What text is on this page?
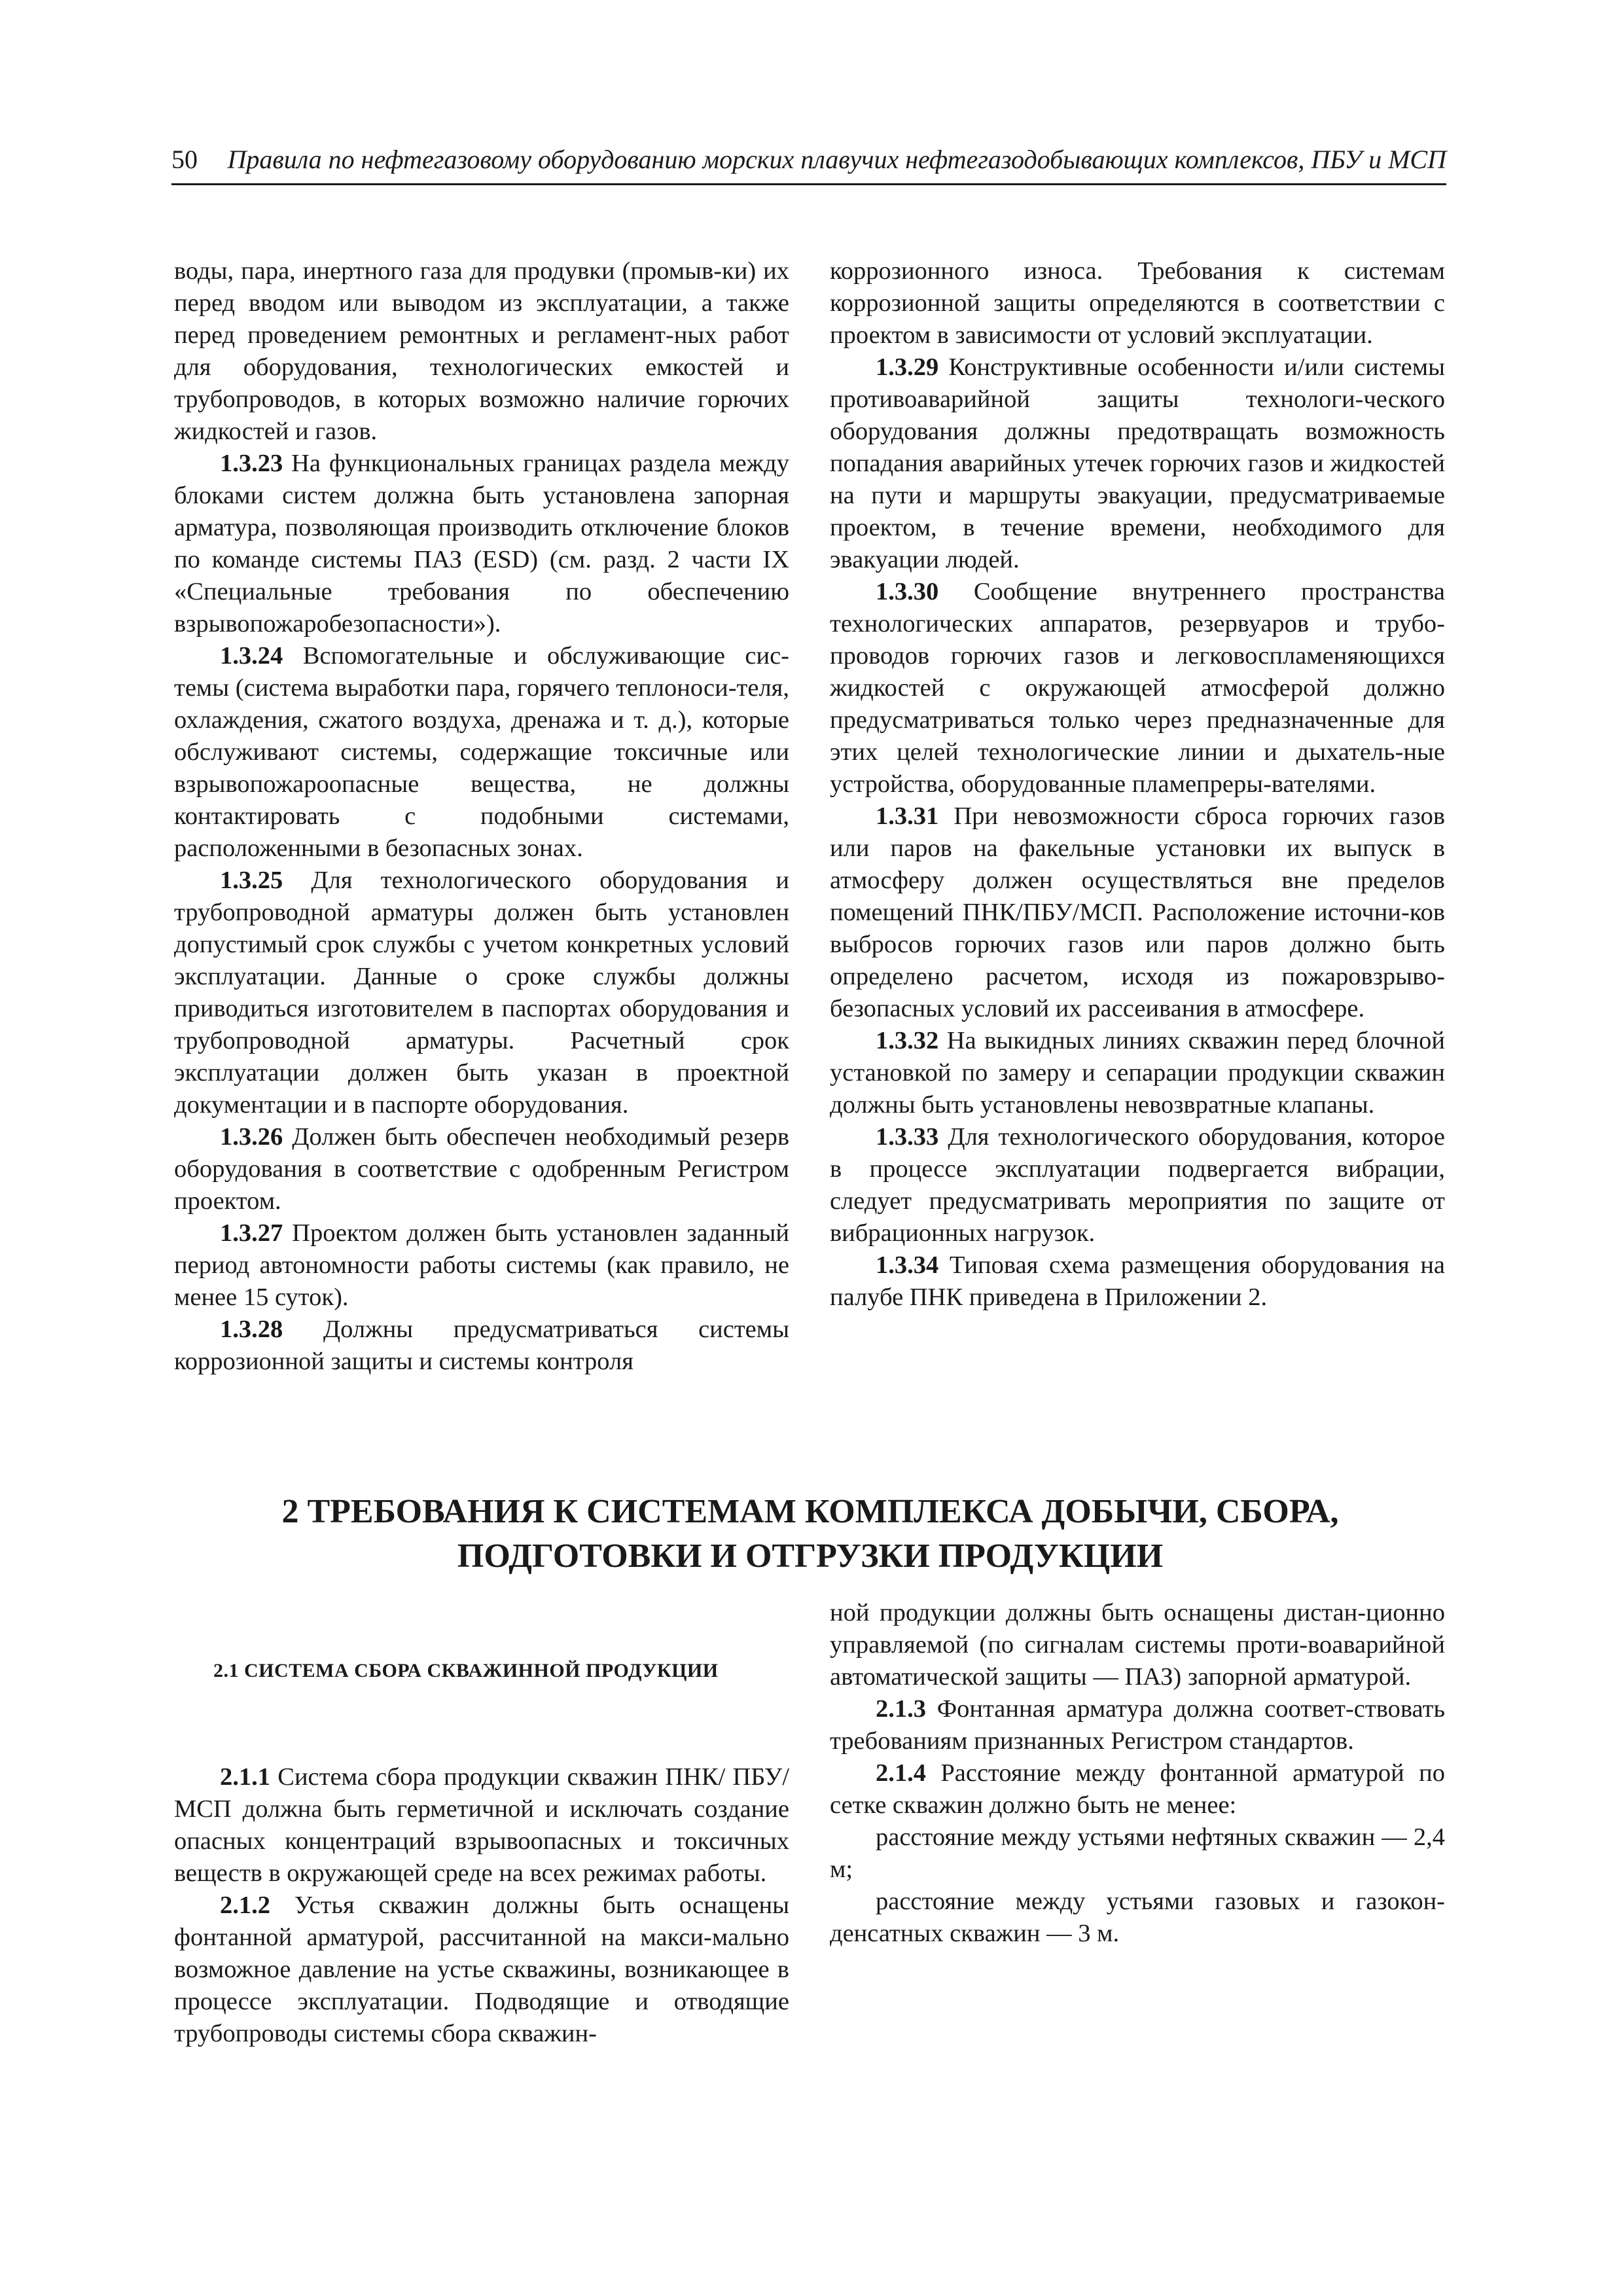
50 Правила по нефтегазовому оборудованию морских плавучих нефтегазодобывающих комплексов, ПБУ и МСП

воды, пара, инертного газа для продувки (промыв-ки) их перед вводом или выводом из эксплуатации, а также перед проведением ремонтных и регламент-ных работ для оборудования, технологических емкостей и трубопроводов, в которых возможно наличие горючих жидкостей и газов.

1.3.23 На функциональных границах раздела между блоками систем должна быть установлена запорная арматура, позволяющая производить отключение блоков по команде системы ПАЗ (ESD) (см. разд. 2 части IX «Специальные требования по обеспечению взрывопожаробезопасности»).

1.3.24 Вспомогательные и обслуживающие сис-темы (система выработки пара, горячего теплоноси-теля, охлаждения, сжатого воздуха, дренажа и т. д.), которые обслуживают системы, содержащие токсичные или взрывопожароопасные вещества, не должны контактировать с подобными системами, расположенными в безопасных зонах.

1.3.25 Для технологического оборудования и трубопроводной арматуры должен быть установлен допустимый срок службы с учетом конкретных условий эксплуатации. Данные о сроке службы должны приводиться изготовителем в паспортах оборудования и трубопроводной арматуры. Расчетный срок эксплуатации должен быть указан в проектной документации и в паспорте оборудования.

1.3.26 Должен быть обеспечен необходимый резерв оборудования в соответствие с одобренным Регистром проектом.

1.3.27 Проектом должен быть установлен заданный период автономности работы системы (как правило, не менее 15 суток).

1.3.28 Должны предусматриваться системы коррозионной защиты и системы контроля

коррозионного износа. Требования к системам коррозионной защиты определяются в соответствии с проектом в зависимости от условий эксплуатации.

1.3.29 Конструктивные особенности и/или системы противоаварийной защиты технологи-ческого оборудования должны предотвращать возможность попадания аварийных утечек горючих газов и жидкостей на пути и маршруты эвакуации, предусматриваемые проектом, в течение времени, необходимого для эвакуации людей.

1.3.30 Сообщение внутреннего пространства технологических аппаратов, резервуаров и трубо-проводов горючих газов и легковоспламеняющихся жидкостей с окружающей атмосферой должно предусматриваться только через предназначенные для этих целей технологические линии и дыхатель-ные устройства, оборудованные пламепреры-вателями.

1.3.31 При невозможности сброса горючих газов или паров на факельные установки их выпуск в атмосферу должен осуществляться вне пределов помещений ПНК/ПБУ/МСП. Расположение источни-ков выбросов горючих газов или паров должно быть определено расчетом, исходя из пожаровзрыво-безопасных условий их рассеивания в атмосфере.

1.3.32 На выкидных линиях скважин перед блочной установкой по замеру и сепарации продукции скважин должны быть установлены невозвратные клапаны.

1.3.33 Для технологического оборудования, которое в процессе эксплуатации подвергается вибрации, следует предусматривать мероприятия по защите от вибрационных нагрузок.

1.3.34 Типовая схема размещения оборудования на палубе ПНК приведена в Приложении 2.

2 ТРЕБОВАНИЯ К СИСТЕМАМ КОМПЛЕКСА ДОБЫЧИ, СБОРА,
ПОДГОТОВКИ И ОТГРУЗКИ ПРОДУКЦИИ

2.1 СИСТЕМА СБОРА СКВАЖИННОЙ ПРОДУКЦИИ

2.1.1 Система сбора продукции скважин ПНК/ ПБУ/МСП должна быть герметичной и исключать создание опасных концентраций взрывоопасных и токсичных веществ в окружающей среде на всех режимах работы.

2.1.2 Устья скважин должны быть оснащены фонтанной арматурой, рассчитанной на макси-мально возможное давление на устье скважины, возникающее в процессе эксплуатации. Подводящие и отводящие трубопроводы системы сбора скважин-

ной продукции должны быть оснащены дистан-ционно управляемой (по сигналам системы проти-воаварийной автоматической защиты — ПАЗ) запорной арматурой.

2.1.3 Фонтанная арматура должна соответ-ствовать требованиям признанных Регистром стандартов.

2.1.4 Расстояние между фонтанной арматурой по сетке скважин должно быть не менее:

расстояние между устьями нефтяных скважин — 2,4 м;

расстояние между устьями газовых и газокон-денсатных скважин — 3 м.
